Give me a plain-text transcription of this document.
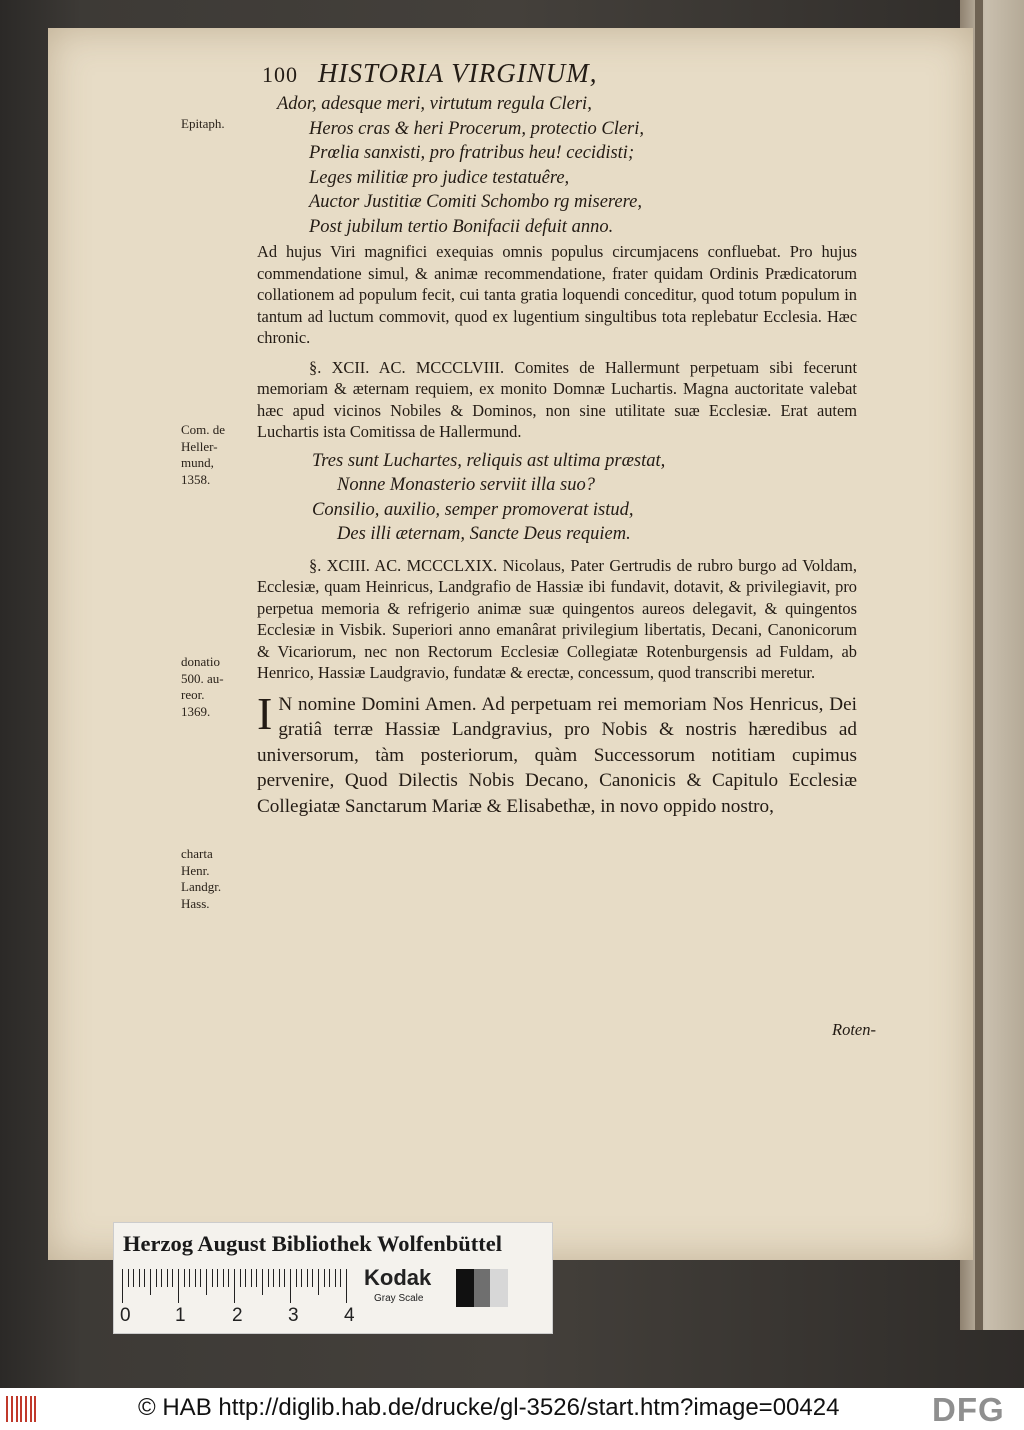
100 HISTORIA VIRGINUM,
Epitaph.
Com. de
Heller-
mund,
1358.
donatio
500. au-
reor.
1369.
charta
Henr.
Landgr.
Hass.
Ador, adesque meri, virtutum regula Cleri,
Heros cras & heri Procerum, protectio Cleri,
Prœlia sanxisti, pro fratribus heu! cecidisti;
Leges militiæ pro judice testatuêre,
Auctor Justitiæ Comiti Schombo rg miserere,
Post jubilum tertio Bonifacii defuit anno.
Ad hujus Viri magnifici exequias omnis populus circumjacens confluebat. Pro hujus commendatione simul, & animæ recommendatione, frater quidam Ordinis Prædicatorum collationem ad populum fecit, cui tanta gratia loquendi conceditur, quod totum populum in tantum ad luctum commovit, quod ex lugentium singultibus tota replebatur Ecclesia. Hæc chronic.
§. XCII. AC. MCCCLVIII. Comites de Hallermunt perpetuam sibi fecerunt memoriam & æternam requiem, ex monito Domnæ Luchartis. Magna auctoritate valebat hæc apud vicinos Nobiles & Dominos, non sine utilitate suæ Ecclesiæ. Erat autem Luchartis ista Comitissa de Hallermund.
Tres sunt Luchartes, reliquis ast ultima præstat,
Nonne Monasterio serviit illa suo?
Consilio, auxilio, semper promoverat istud,
Des illi æternam, Sancte Deus requiem.
§. XCIII. AC. MCCCLXIX. Nicolaus, Pater Gertrudis de rubro burgo ad Voldam, Ecclesiæ, quam Heinricus, Landgrafio de Hassiæ ibi fundavit, dotavit, & privilegiavit, pro perpetua memoria & refrigerio animæ suæ quingentos aureos delegavit, & quingentos Ecclesiæ in Visbik. Superiori anno emanârat privilegium libertatis, Decani, Canonicorum & Vicariorum, nec non Rectorum Ecclesiæ Collegiatæ Rotenburgensis ad Fuldam, ab Henrico, Hassiæ Laudgravio, fundatæ & erectæ, concessum, quod transcribi meretur.
I N nomine Domini Amen. Ad perpetuam rei memoriam Nos Henricus, Dei gratiâ terræ Hassiæ Landgravius, pro Nobis & nostris hæredibus ad universorum, tàm posteriorum, quàm Successorum notitiam cupimus pervenire, Quod Dilectis Nobis Decano, Canonicis & Capitulo Ecclesiæ Collegiatæ Sanctarum Mariæ & Elisabethæ, in novo oppido nostro,
Roten-
Herzog August Bibliothek Wolfenbüttel
0 1 2 3 4
Kodak
Gray Scale
© HAB http://diglib.hab.de/drucke/gl-3526/start.htm?image=00424	DFG
